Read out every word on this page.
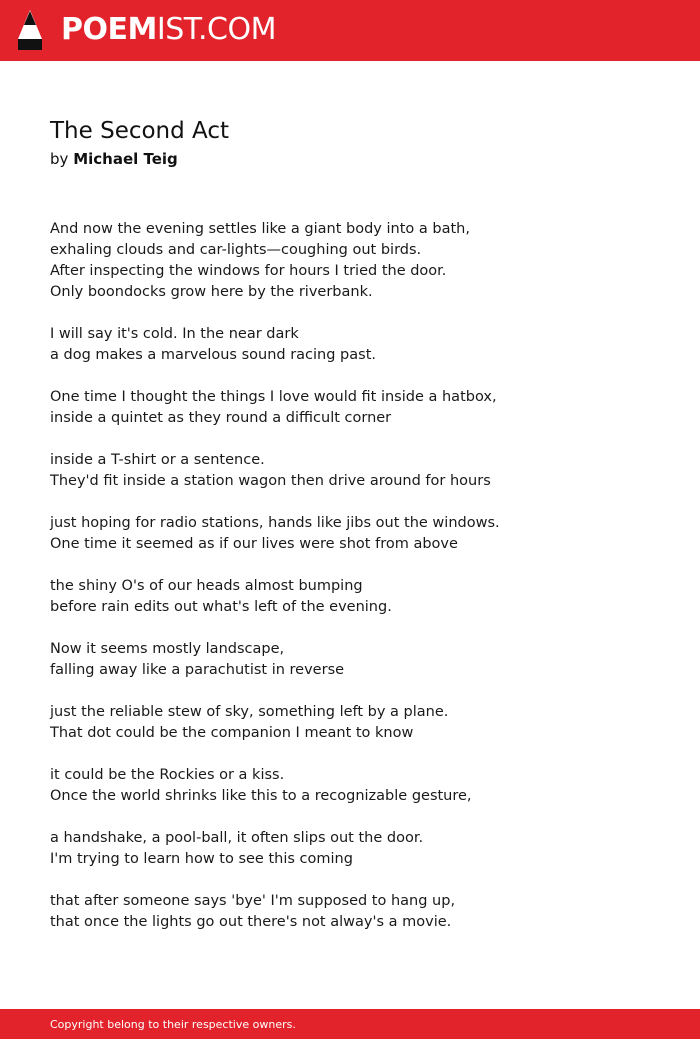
POEMIST.COM
The Second Act
by Michael Teig
And now the evening settles like a giant body into a bath,
exhaling clouds and car-lights—coughing out birds.
After inspecting the windows for hours I tried the door.
Only boondocks grow here by the riverbank.
I will say it's cold. In the near dark
a dog makes a marvelous sound racing past.
One time I thought the things I love would fit inside a hatbox,
inside a quintet as they round a difficult corner
inside a T-shirt or a sentence.
They'd fit inside a station wagon then drive around for hours
just hoping for radio stations, hands like jibs out the windows.
One time it seemed as if our lives were shot from above
the shiny O's of our heads almost bumping
before rain edits out what's left of the evening.
Now it seems mostly landscape,
falling away like a parachutist in reverse
just the reliable stew of sky, something left by a plane.
That dot could be the companion I meant to know
it could be the Rockies or a kiss.
Once the world shrinks like this to a recognizable gesture,
a handshake, a pool-ball, it often slips out the door.
I'm trying to learn how to see this coming
that after someone says 'bye' I'm supposed to hang up,
that once the lights go out there's not alway's a movie.
Copyright belong to their respective owners.
